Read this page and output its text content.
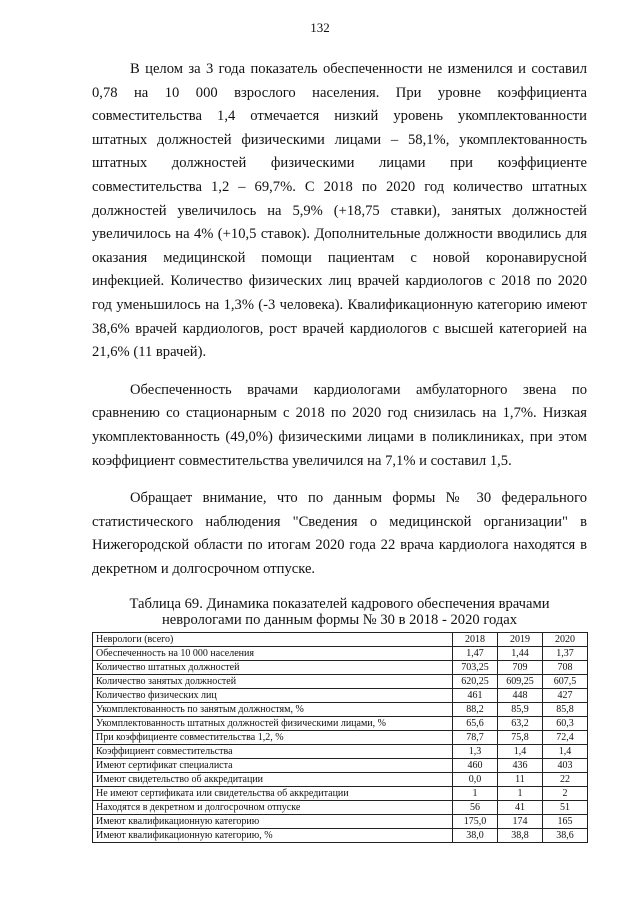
132

В целом за 3 года показатель обеспеченности не изменился и составил 0,78 на 10 000 взрослого населения. При уровне коэффициента совместительства 1,4 отмечается низкий уровень укомплектованности штатных должностей физическими лицами – 58,1%, укомплектованность штатных должностей физическими лицами при коэффициенте совместительства 1,2 – 69,7%. С 2018 по 2020 год количество штатных должностей увеличилось на 5,9% (+18,75 ставки), занятых должностей увеличилось на 4% (+10,5 ставок). Дополнительные должности вводились для оказания медицинской помощи пациентам с новой коронавирусной инфекцией. Количество физических лиц врачей кардиологов с 2018 по 2020 год уменьшилось на 1,3% (-3 человека). Квалификационную категорию имеют 38,6% врачей кардиологов, рост врачей кардиологов с высшей категорией на 21,6% (11 врачей).

Обеспеченность врачами кардиологами амбулаторного звена по сравнению со стационарным с 2018 по 2020 год снизилась на 1,7%. Низкая укомплектованность (49,0%) физическими лицами в поликлиниках, при этом коэффициент совместительства увеличился на 7,1% и составил 1,5.

Обращает внимание, что по данным формы № 30 федерального статистического наблюдения "Сведения о медицинской организации" в Нижегородской области по итогам 2020 года 22 врача кардиолога находятся в декретном и долгосрочном отпуске.

Таблица 69. Динамика показателей кадрового обеспечения врачами неврологами по данным формы № 30 в 2018 - 2020 годах
Неврологи (всего)	2018	2019	2020
Обеспеченность на 10 000 населения	1,47	1,44	1,37
Количество штатных должностей	703,25	709	708
Количество занятых должностей	620,25	609,25	607,5
Количество физических лиц	461	448	427
Укомплектованность по занятым должностям, %	88,2	85,9	85,8
Укомплектованность штатных должностей физическими лицами, %	65,6	63,2	60,3
При коэффициенте совместительства 1,2, %	78,7	75,8	72,4
Коэффициент совместительства	1,3	1,4	1,4
Имеют сертификат специалиста	460	436	403
Имеют свидетельство об аккредитации	0,0	11	22
Не имеют сертификата или свидетельства об аккредитации	1	1	2
Находятся в декретном и долгосрочном отпуске	56	41	51
Имеют квалификационную категорию	175,0	174	165
Имеют квалификационную категорию, %	38,0	38,8	38,6
